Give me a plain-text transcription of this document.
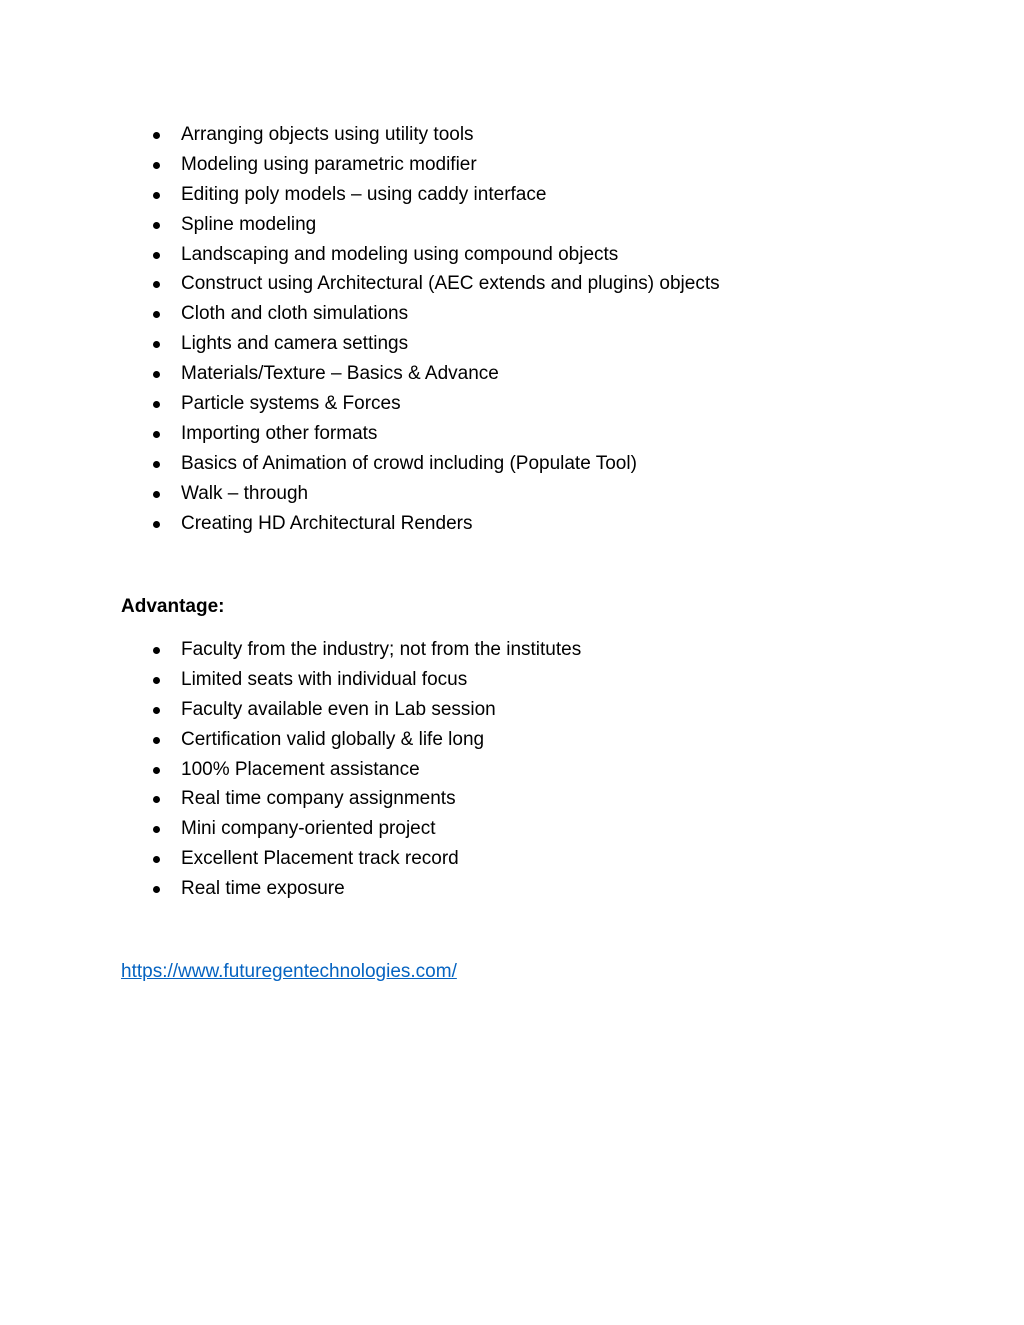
Arranging objects using utility tools
Modeling using parametric modifier
Editing poly models – using caddy interface
Spline modeling
Landscaping and modeling using compound objects
Construct using Architectural (AEC extends and plugins) objects
Cloth and cloth simulations
Lights and camera settings
Materials/Texture – Basics & Advance
Particle systems & Forces
Importing other formats
Basics of Animation of crowd including (Populate Tool)
Walk – through
Creating HD Architectural Renders
Advantage:
Faculty from the industry; not from the institutes
Limited seats with individual focus
Faculty available even in Lab session
Certification valid globally & life long
100% Placement assistance
Real time company assignments
Mini company-oriented project
Excellent Placement track record
Real time exposure
https://www.futuregentechnologies.com/
